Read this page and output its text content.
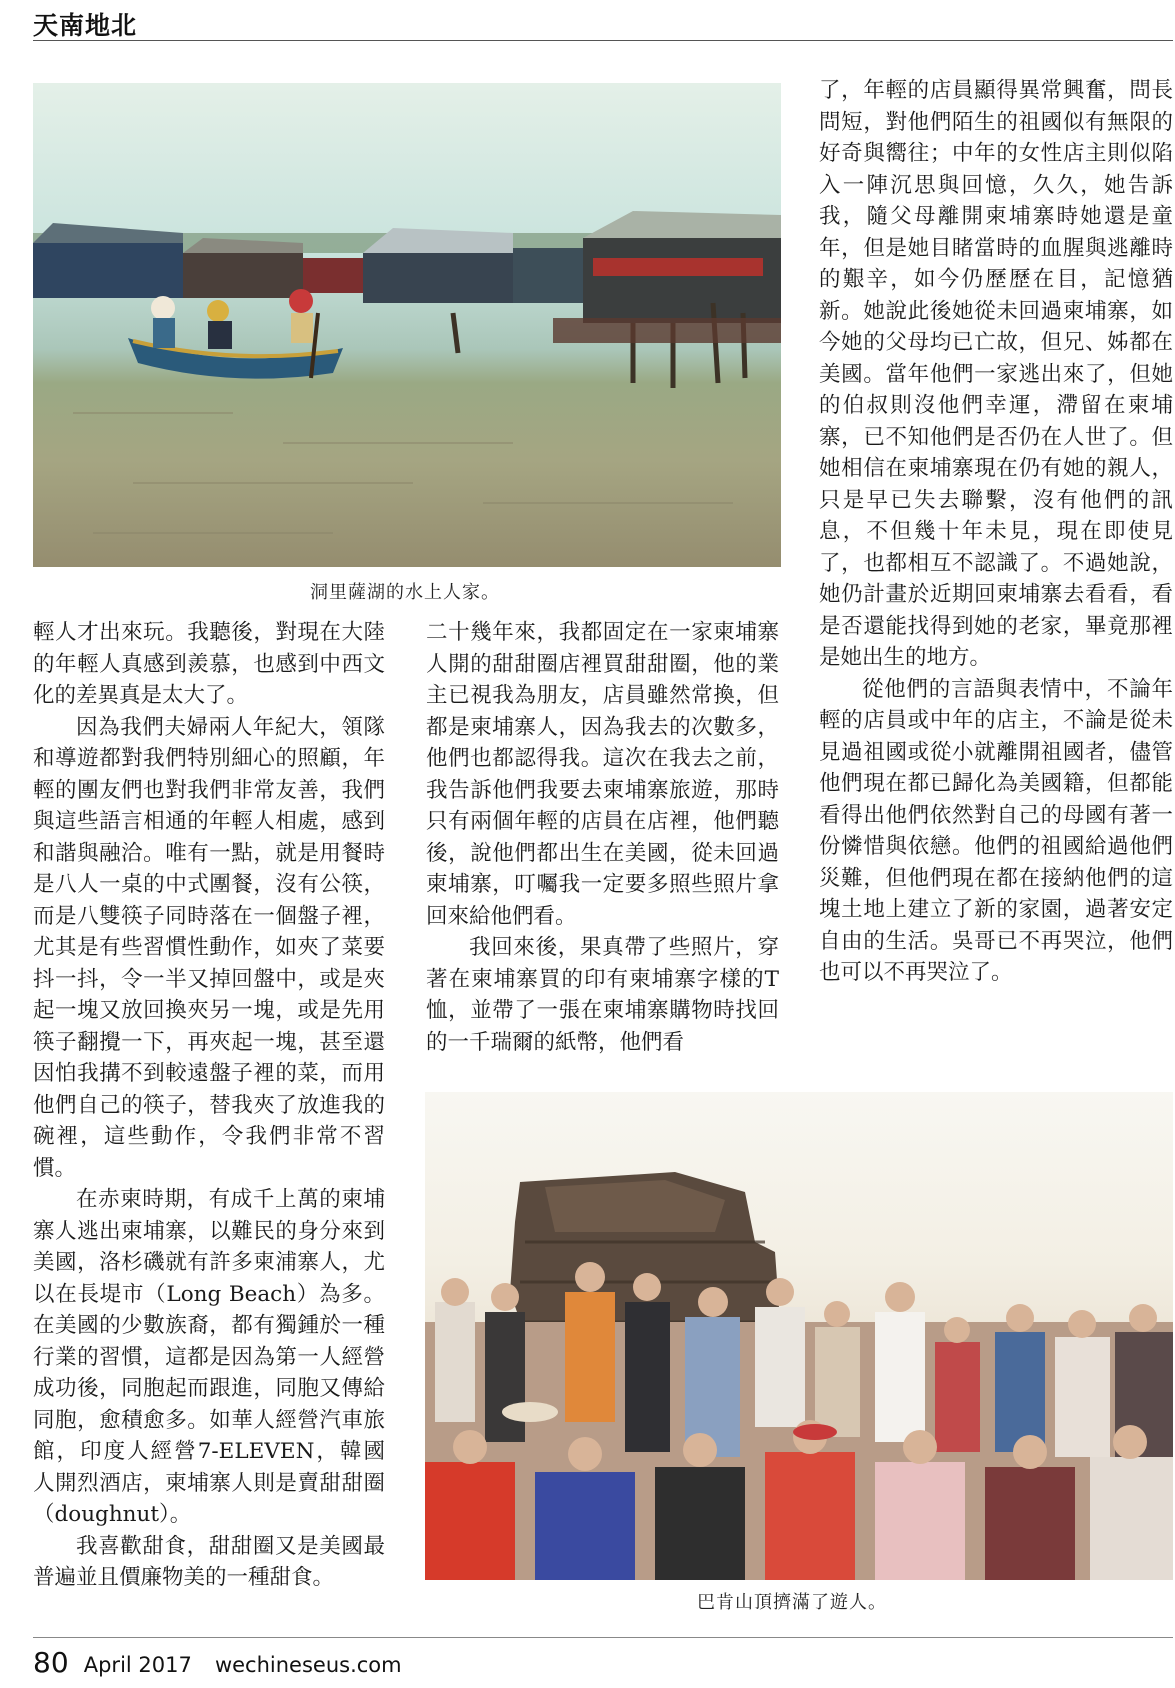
天南地北
洞里薩湖的水上人家。
巴肯山頂擠滿了遊人。

輕人才出來玩。我聽後，對現在大陸的年輕人真感到羨慕，也感到中西文化的差異真是太大了。

因為我們夫婦兩人年紀大，領隊和導遊都對我們特別細心的照顧，年輕的團友們也對我們非常友善，我們與這些語言相通的年輕人相處，感到和諧與融洽。唯有一點，就是用餐時是八人一桌的中式團餐，沒有公筷，而是八雙筷子同時落在一個盤子裡，尤其是有些習慣性動作，如夾了菜要抖一抖，令一半又掉回盤中，或是夾起一塊又放回換夾另一塊，或是先用筷子翻攪一下，再夾起一塊，甚至還因怕我搆不到較遠盤子裡的菜，而用他們自己的筷子，替我夾了放進我的碗裡，這些動作，令我們非常不習慣。

在赤柬時期，有成千上萬的柬埔寨人逃出柬埔寨，以難民的身分來到美國，洛杉磯就有許多柬浦寨人，尤以在長堤市（Long Beach）為多。在美國的少數族裔，都有獨鍾於一種行業的習慣，這都是因為第一人經營成功後，同胞起而跟進，同胞又傳給同胞，愈積愈多。如華人經營汽車旅館，印度人經營7-ELEVEN，韓國人開烈酒店，柬埔寨人則是賣甜甜圈（doughnut）。

我喜歡甜食，甜甜圈又是美國最普遍並且價廉物美的一種甜食。

二十幾年來，我都固定在一家柬埔寨人開的甜甜圈店裡買甜甜圈，他的業主已視我為朋友，店員雖然常換，但都是柬埔寨人，因為我去的次數多，他們也都認得我。這次在我去之前，我告訴他們我要去柬埔寨旅遊，那時只有兩個年輕的店員在店裡，他們聽後，說他們都出生在美國，從未回過柬埔寨，叮囑我一定要多照些照片拿回來給他們看。

我回來後，果真帶了些照片，穿著在柬埔寨買的印有柬埔寨字樣的T恤，並帶了一張在柬埔寨購物時找回的一千瑞爾的紙幣，他們看

了，年輕的店員顯得異常興奮，問長問短，對他們陌生的祖國似有無限的好奇與嚮往；中年的女性店主則似陷入一陣沉思與回憶，久久，她告訴我，隨父母離開柬埔寨時她還是童年，但是她目睹當時的血腥與逃離時的艱辛，如今仍歷歷在目，記憶猶新。她說此後她從未回過柬埔寨，如今她的父母均已亡故，但兄、姊都在美國。當年他們一家逃出來了，但她的伯叔則沒他們幸運，滯留在柬埔寨，已不知他們是否仍在人世了。但她相信在柬埔寨現在仍有她的親人，只是早已失去聯繫，沒有他們的訊息，不但幾十年未見，現在即使見了，也都相互不認識了。不過她說，她仍計畫於近期回柬埔寨去看看，看是否還能找得到她的老家，畢竟那裡是她出生的地方。

從他們的言語與表情中，不論年輕的店員或中年的店主，不論是從未見過祖國或從小就離開祖國者，儘管他們現在都已歸化為美國籍，但都能看得出他們依然對自己的母國有著一份憐惜與依戀。他們的祖國給過他們災難，但他們現在都在接納他們的這塊土地上建立了新的家園，過著安定自由的生活。吳哥已不再哭泣，他們也可以不再哭泣了。

80 April 2017 wechineseus.com
